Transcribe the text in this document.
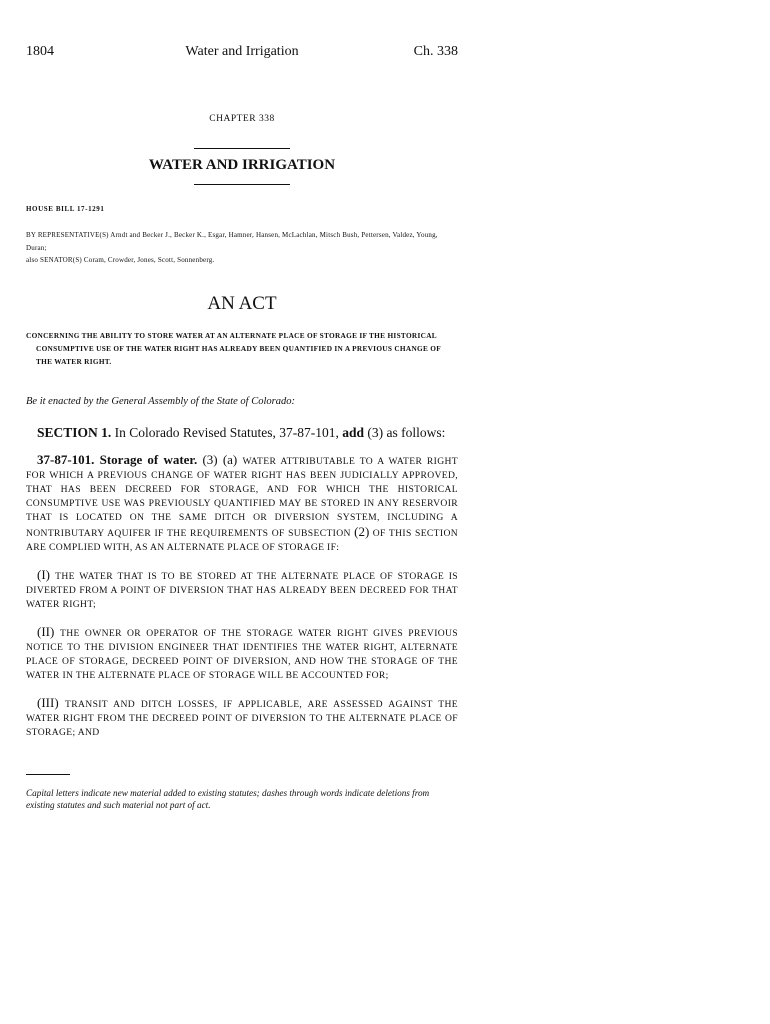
1804	Water and Irrigation	Ch. 338
CHAPTER 338
WATER AND IRRIGATION
HOUSE BILL 17-1291
BY REPRESENTATIVE(S) Arndt and Becker J., Becker K., Esgar, Hamner, Hansen, McLachlan, Mitsch Bush, Pettersen, Valdez, Young, Duran;
also SENATOR(S) Coram, Crowder, Jones, Scott, Sonnenberg.
AN ACT
CONCERNING THE ABILITY TO STORE WATER AT AN ALTERNATE PLACE OF STORAGE IF THE HISTORICAL CONSUMPTIVE USE OF THE WATER RIGHT HAS ALREADY BEEN QUANTIFIED IN A PREVIOUS CHANGE OF THE WATER RIGHT.
Be it enacted by the General Assembly of the State of Colorado:
SECTION 1. In Colorado Revised Statutes, 37-87-101, add (3) as follows:
37-87-101. Storage of water. (3) (a) WATER ATTRIBUTABLE TO A WATER RIGHT FOR WHICH A PREVIOUS CHANGE OF WATER RIGHT HAS BEEN JUDICIALLY APPROVED, THAT HAS BEEN DECREED FOR STORAGE, AND FOR WHICH THE HISTORICAL CONSUMPTIVE USE WAS PREVIOUSLY QUANTIFIED MAY BE STORED IN ANY RESERVOIR THAT IS LOCATED ON THE SAME DITCH OR DIVERSION SYSTEM, INCLUDING A NONTRIBUTARY AQUIFER IF THE REQUIREMENTS OF SUBSECTION (2) OF THIS SECTION ARE COMPLIED WITH, AS AN ALTERNATE PLACE OF STORAGE IF:
(I) THE WATER THAT IS TO BE STORED AT THE ALTERNATE PLACE OF STORAGE IS DIVERTED FROM A POINT OF DIVERSION THAT HAS ALREADY BEEN DECREED FOR THAT WATER RIGHT;
(II) THE OWNER OR OPERATOR OF THE STORAGE WATER RIGHT GIVES PREVIOUS NOTICE TO THE DIVISION ENGINEER THAT IDENTIFIES THE WATER RIGHT, ALTERNATE PLACE OF STORAGE, DECREED POINT OF DIVERSION, AND HOW THE STORAGE OF THE WATER IN THE ALTERNATE PLACE OF STORAGE WILL BE ACCOUNTED FOR;
(III) TRANSIT AND DITCH LOSSES, IF APPLICABLE, ARE ASSESSED AGAINST THE WATER RIGHT FROM THE DECREED POINT OF DIVERSION TO THE ALTERNATE PLACE OF STORAGE; AND
Capital letters indicate new material added to existing statutes; dashes through words indicate deletions from existing statutes and such material not part of act.
